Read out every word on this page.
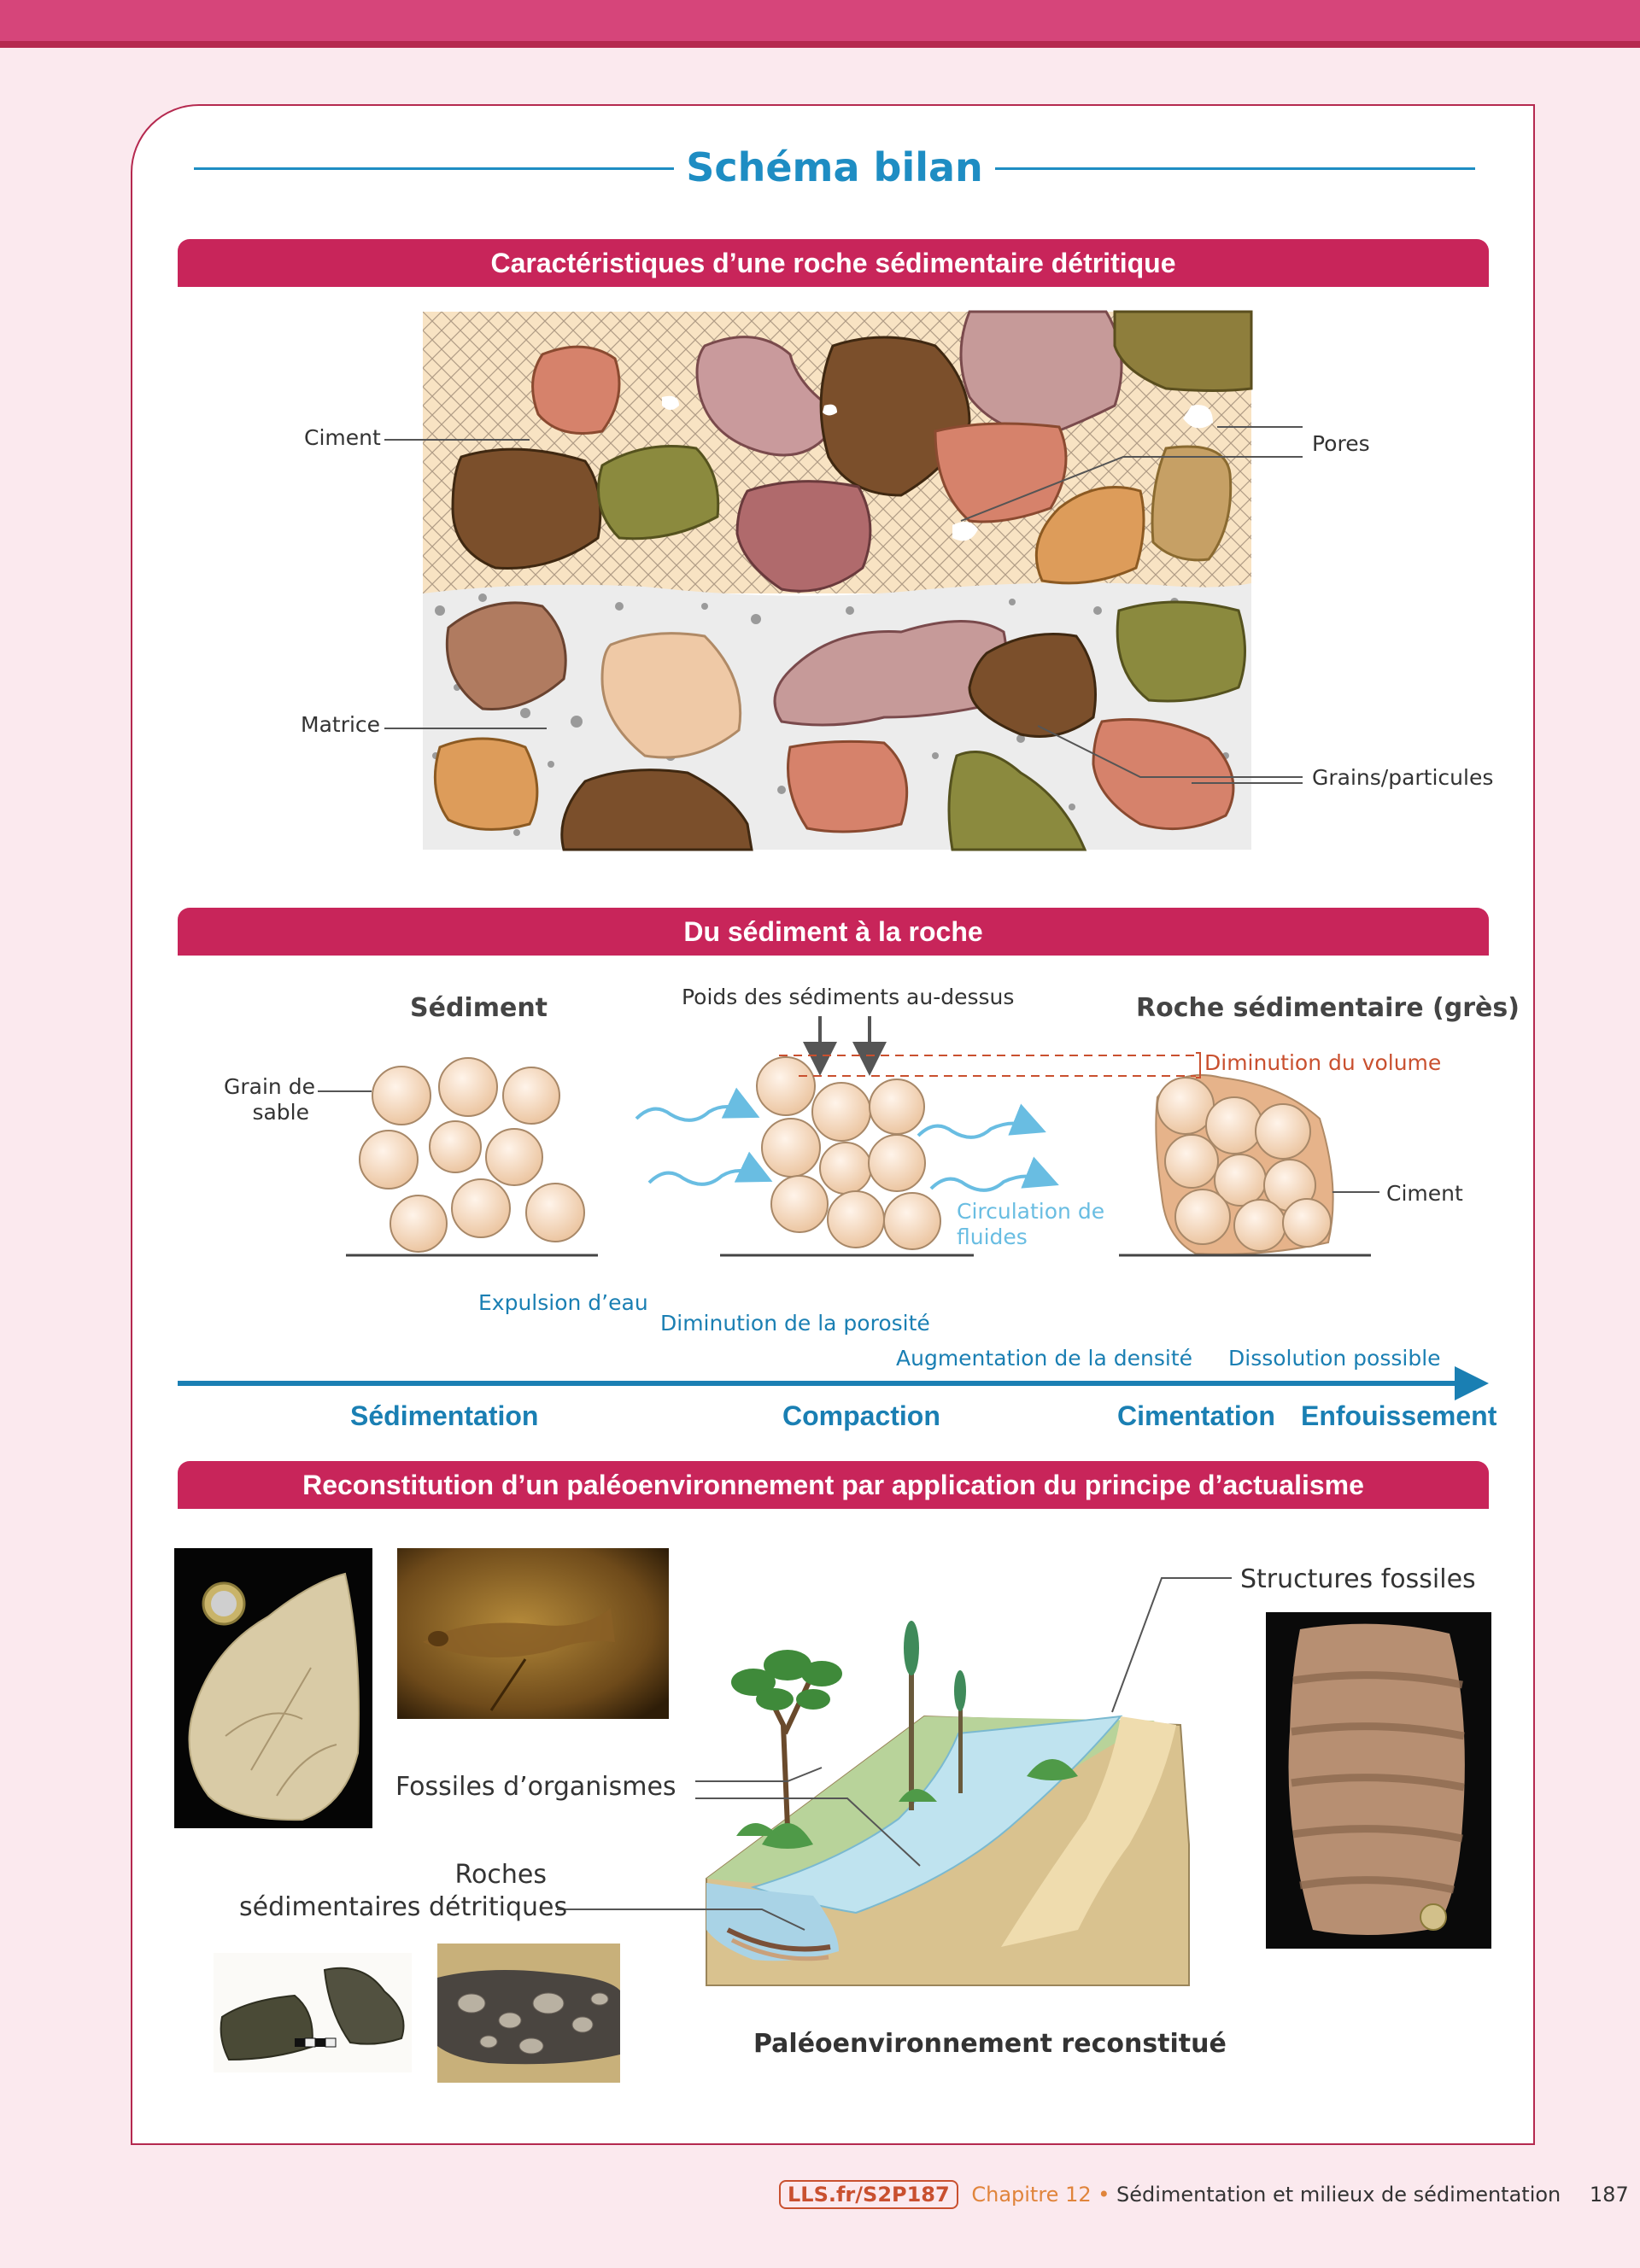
Schéma bilan
Caractéristiques d’une roche sédimentaire détritique
Ciment
Matrice
Pores
Grains/particules
Du sédiment à la roche
Sédiment	Poids des sédiments au-dessus	Roche sédimentaire (grès)
Grain de
sable
Diminution du volume
Circulation de
fluides
Ciment
Expulsion d’eau
Diminution de la porosité
Augmentation de la densité Dissolution possible
Sédimentation	Compaction	Cimentation Enfouissement
Reconstitution d’un paléoenvironnement par application du principe d’actualisme
Structures fossiles
Fossiles d’organismes
Roches
sédimentaires détritiques
Paléoenvironnement reconstitué
LLS.fr/S2P187 Chapitre 12 • Sédimentation et milieux de sédimentation 187
